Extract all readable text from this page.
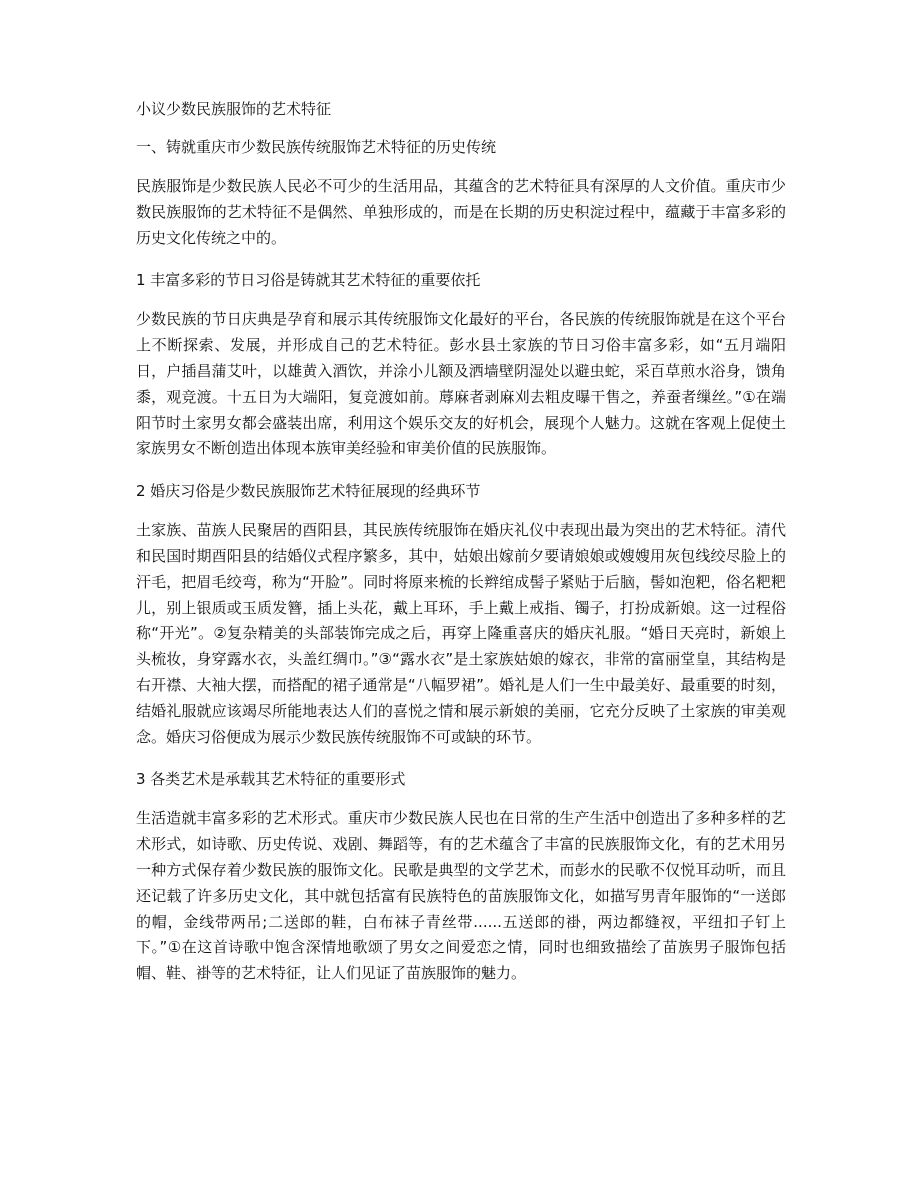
小议少数民族服饰的艺术特征
一、铸就重庆市少数民族传统服饰艺术特征的历史传统
民族服饰是少数民族人民必不可少的生活用品，其蕴含的艺术特征具有深厚的人文价值。重庆市少数民族服饰的艺术特征不是偶然、单独形成的，而是在长期的历史积淀过程中，蕴藏于丰富多彩的历史文化传统之中的。
1 丰富多彩的节日习俗是铸就其艺术特征的重要依托
少数民族的节日庆典是孕育和展示其传统服饰文化最好的平台，各民族的传统服饰就是在这个平台上不断探索、发展，并形成自己的艺术特征。彭水县土家族的节日习俗丰富多彩，如“五月端阳日，户插昌蒲艾叶，以雄黄入酒饮，并涂小儿额及洒墙壁阴湿处以避虫蛇，采百草煎水浴身，馈角黍，观竞渡。十五日为大端阳，复竞渡如前。蓐麻者剥麻刈去粗皮曝干售之，养蚕者缫丝。”①在端阳节时土家男女都会盛装出席，利用这个娱乐交友的好机会，展现个人魅力。这就在客观上促使土家族男女不断创造出体现本族审美经验和审美价值的民族服饰。
2 婚庆习俗是少数民族服饰艺术特征展现的经典环节
土家族、苗族人民聚居的酉阳县，其民族传统服饰在婚庆礼仪中表现出最为突出的艺术特征。清代和民国时期酉阳县的结婚仪式程序繁多，其中，姑娘出嫁前夕要请娘娘或嫂嫂用灰包线绞尽脸上的汗毛，把眉毛绞弯，称为“开脸”。同时将原来梳的长辫绾成髻子紧贴于后脑，髻如泡粑，俗名粑粑儿，别上银质或玉质发簪，插上头花，戴上耳环，手上戴上戒指、镯子，打扮成新娘。这一过程俗称“开光”。②复杂精美的头部装饰完成之后，再穿上隆重喜庆的婚庆礼服。“婚日天亮时，新娘上头梳妆，身穿露水衣，头盖红绸巾。”③“露水衣”是土家族姑娘的嫁衣，非常的富丽堂皇，其结构是右开襟、大袖大摆，而搭配的裙子通常是“八幅罗裙”。婚礼是人们一生中最美好、最重要的时刻，结婚礼服就应该竭尽所能地表达人们的喜悦之情和展示新娘的美丽，它充分反映了土家族的审美观念。婚庆习俗便成为展示少数民族传统服饰不可或缺的环节。
3 各类艺术是承载其艺术特征的重要形式
生活造就丰富多彩的艺术形式。重庆市少数民族人民也在日常的生产生活中创造出了多种多样的艺术形式，如诗歌、历史传说、戏剧、舞蹈等，有的艺术蕴含了丰富的民族服饰文化，有的艺术用另一种方式保存着少数民族的服饰文化。民歌是典型的文学艺术，而彭水的民歌不仅悦耳动听，而且还记载了许多历史文化，其中就包括富有民族特色的苗族服饰文化，如描写男青年服饰的“一送郎的帽，金线带两吊;二送郎的鞋，白布袜子青丝带......五送郎的褂，两边都缝衩，平纽扣子钉上下。”①在这首诗歌中饱含深情地歌颂了男女之间爱恋之情，同时也细致描绘了苗族男子服饰包括帽、鞋、褂等的艺术特征，让人们见证了苗族服饰的魅力。
